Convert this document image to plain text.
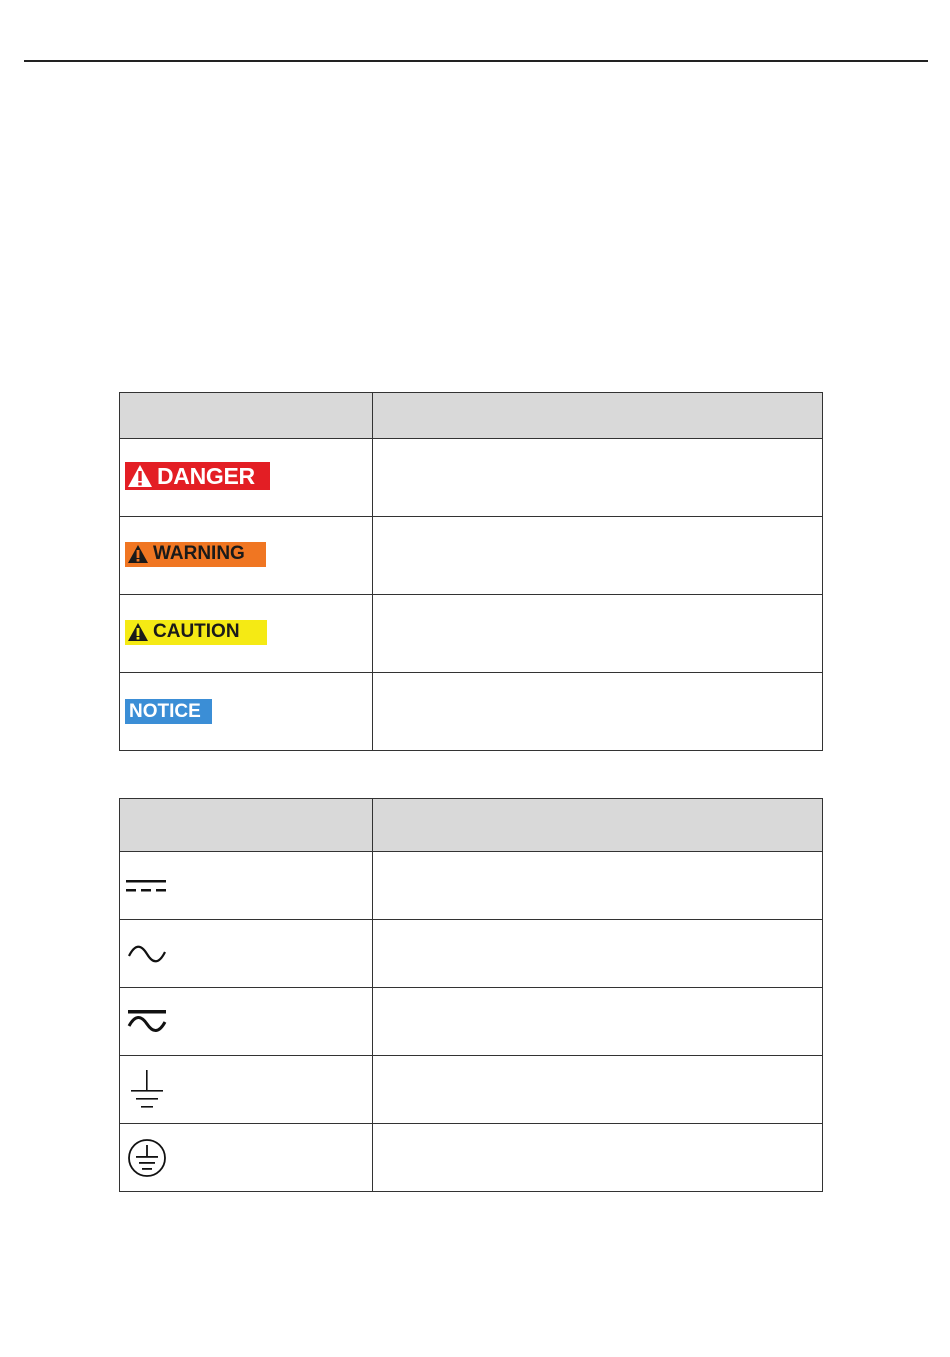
DANGER	

WARNING	

CAUTION	

NOTICE	
